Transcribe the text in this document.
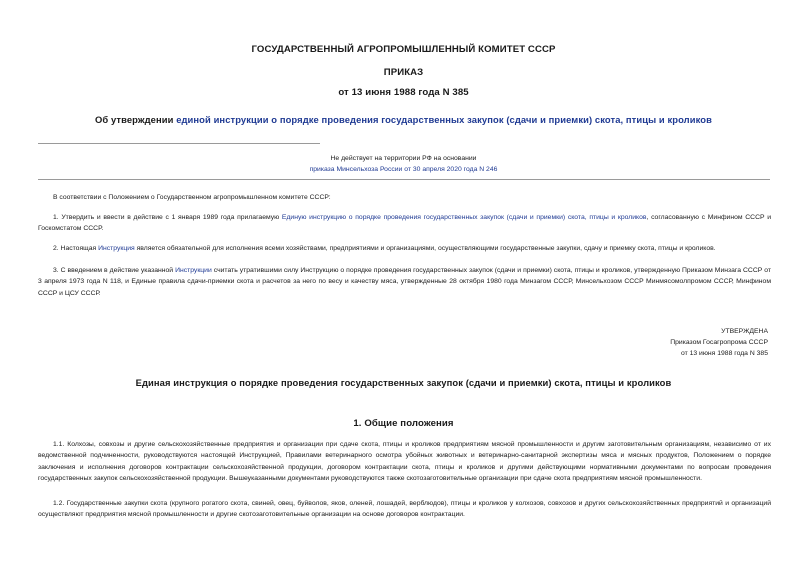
ГОСУДАРСТВЕННЫЙ АГРОПРОМЫШЛЕННЫЙ КОМИТЕТ СССР
ПРИКАЗ
от 13 июня 1988 года N 385
Об утверждении единой инструкции о порядке проведения государственных закупок (сдачи и приемки) скота, птицы и кроликов
Не действует на территории РФ на основании
приказа Минсельхоза России от 30 апреля 2020 года N 246
В соответствии с Положением о Государственном агропромышленном комитете СССР:
1. Утвердить и ввести в действие с 1 января 1989 года прилагаемую Единую инструкцию о порядке проведения государственных закупок (сдачи и приемки) скота, птицы и кроликов, согласованную с Минфином СССР и Госкомстатом СССР.
2. Настоящая Инструкция является обязательной для исполнения всеми хозяйствами, предприятиями и организациями, осуществляющими государственные закупки, сдачу и приемку скота, птицы и кроликов.
3. С введением в действие указанной Инструкции считать утратившими силу Инструкцию о порядке проведения государственных закупок (сдачи и приемки) скота, птицы и кроликов, утвержденную Приказом Минзага СССР от 3 апреля 1973 года N 118, и Единые правила сдачи-приемки скота и расчетов за него по весу и качеству мяса, утвержденные 28 октября 1980 года Минзагом СССР, Минсельхозом СССР Минмясомолпромом СССР, Минфином СССР и ЦСУ СССР.
УТВЕРЖДЕНА
Приказом Госагропрома СССР
от 13 июня 1988 года N 385
Единая инструкция о порядке проведения государственных закупок (сдачи и приемки) скота, птицы и кроликов
1. Общие положения
1.1. Колхозы, совхозы и другие сельскохозяйственные предприятия и организации при сдаче скота, птицы и кроликов предприятиям мясной промышленности и другим заготовительным организациям, независимо от их ведомственной подчиненности, руководствуются настоящей Инструкцией, Правилами ветеринарного осмотра убойных животных и ветеринарно-санитарной экспертизы мяса и мясных продуктов, Положением о порядке заключения и исполнения договоров контрактации сельскохозяйственной продукции, договором контрактации скота, птицы и кроликов и другими действующими нормативными документами по вопросам проведения государственных закупок сельскохозяйственной продукции. Вышеуказанными документами руководствуются также скотозаготовительные организации при сдаче скота предприятиям мясной промышленности.
1.2. Государственные закупки скота (крупного рогатого скота, свиней, овец, буйволов, яков, оленей, лошадей, верблюдов), птицы и кроликов у колхозов, совхозов и других сельскохозяйственных предприятий и организаций осуществляют предприятия мясной промышленности и другие скотозаготовительные организации на основе договоров контрактации.
